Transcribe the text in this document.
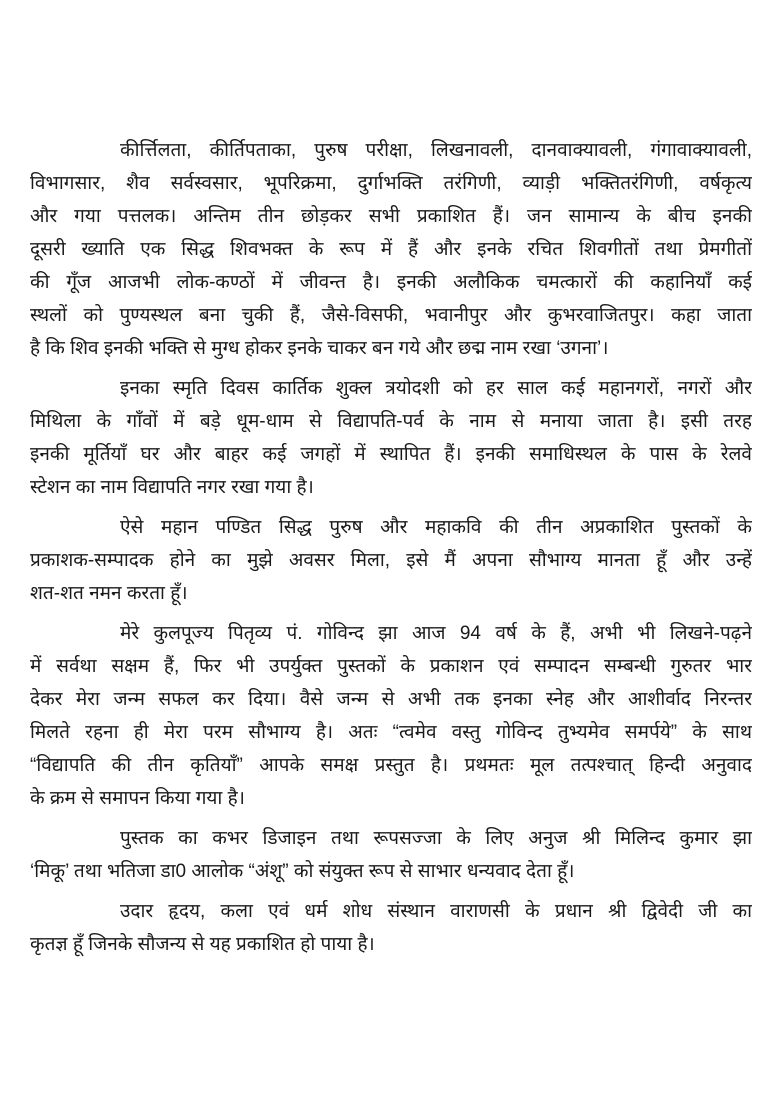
कीर्त्तिलता, कीर्तिपताका, पुरुष परीक्षा, लिखनावली, दानवाक्यावली, गंगावाक्यावली,
विभागसार, शैव सर्वस्वसार, भूपरिक्रमा, दुर्गाभक्ति तरंगिणी, व्याड़ी भक्तितरंगिणी, वर्षकृत्य
और गया पत्तलक। अन्तिम तीन छोड़कर सभी प्रकाशित हैं। जन सामान्य के बीच इनकी
दूसरी ख्याति एक सिद्ध शिवभक्त के रूप में हैं और इनके रचित शिवगीतों तथा प्रेमगीतों
की गूँज आजभी लोक-कण्ठों में जीवन्त है। इनकी अलौकिक चमत्कारों की कहानियाँ कई
स्थलों को पुण्यस्थल बना चुकी हैं, जैसे-विसफी, भवानीपुर और कुभरवाजितपुर। कहा जाता
है कि शिव इनकी भक्ति से मुग्ध होकर इनके चाकर बन गये और छद्म नाम रखा ‘उगना’।
इनका स्मृति दिवस कार्तिक शुक्ल त्रयोदशी को हर साल कई महानगरों, नगरों और
मिथिला के गाँवों में बड़े धूम-धाम से विद्यापति-पर्व के नाम से मनाया जाता है। इसी तरह
इनकी मूर्तियाँ घर और बाहर कई जगहों में स्थापित हैं। इनकी समाधिस्थल के पास के रेलवे
स्टेशन का नाम विद्यापति नगर रखा गया है।
ऐसे महान पण्डित सिद्ध पुरुष और महाकवि की तीन अप्रकाशित पुस्तकों के
प्रकाशक-सम्पादक होने का मुझे अवसर मिला, इसे मैं अपना सौभाग्य मानता हूँ और उन्हें
शत-शत नमन करता हूँ।
मेरे कुलपूज्य पितृव्य पं. गोविन्द झा आज 94 वर्ष के हैं, अभी भी लिखने-पढ़ने
में सर्वथा सक्षम हैं, फिर भी उपर्युक्त पुस्तकों के प्रकाशन एवं सम्पादन सम्बन्धी गुरुतर भार
देकर मेरा जन्म सफल कर दिया। वैसे जन्म से अभी तक इनका स्नेह और आशीर्वाद निरन्तर
मिलते रहना ही मेरा परम सौभाग्य है। अतः “त्वमेव वस्तु गोविन्द तुभ्यमेव समर्पये” के साथ
“विद्यापति की तीन कृतियाँ” आपके समक्ष प्रस्तुत है। प्रथमतः मूल तत्पश्चात् हिन्दी अनुवाद
के क्रम से समापन किया गया है।
पुस्तक का कभर डिजाइन तथा रूपसज्जा के लिए अनुज श्री मिलिन्द कुमार झा
‘मिकू’ तथा भतिजा डा0 आलोक “अंशू” को संयुक्त रूप से साभार धन्यवाद देता हूँ।
उदार हृदय, कला एवं धर्म शोध संस्थान वाराणसी के प्रधान श्री द्विवेदी जी का
कृतज्ञ हूँ जिनके सौजन्य से यह प्रकाशित हो पाया है।
